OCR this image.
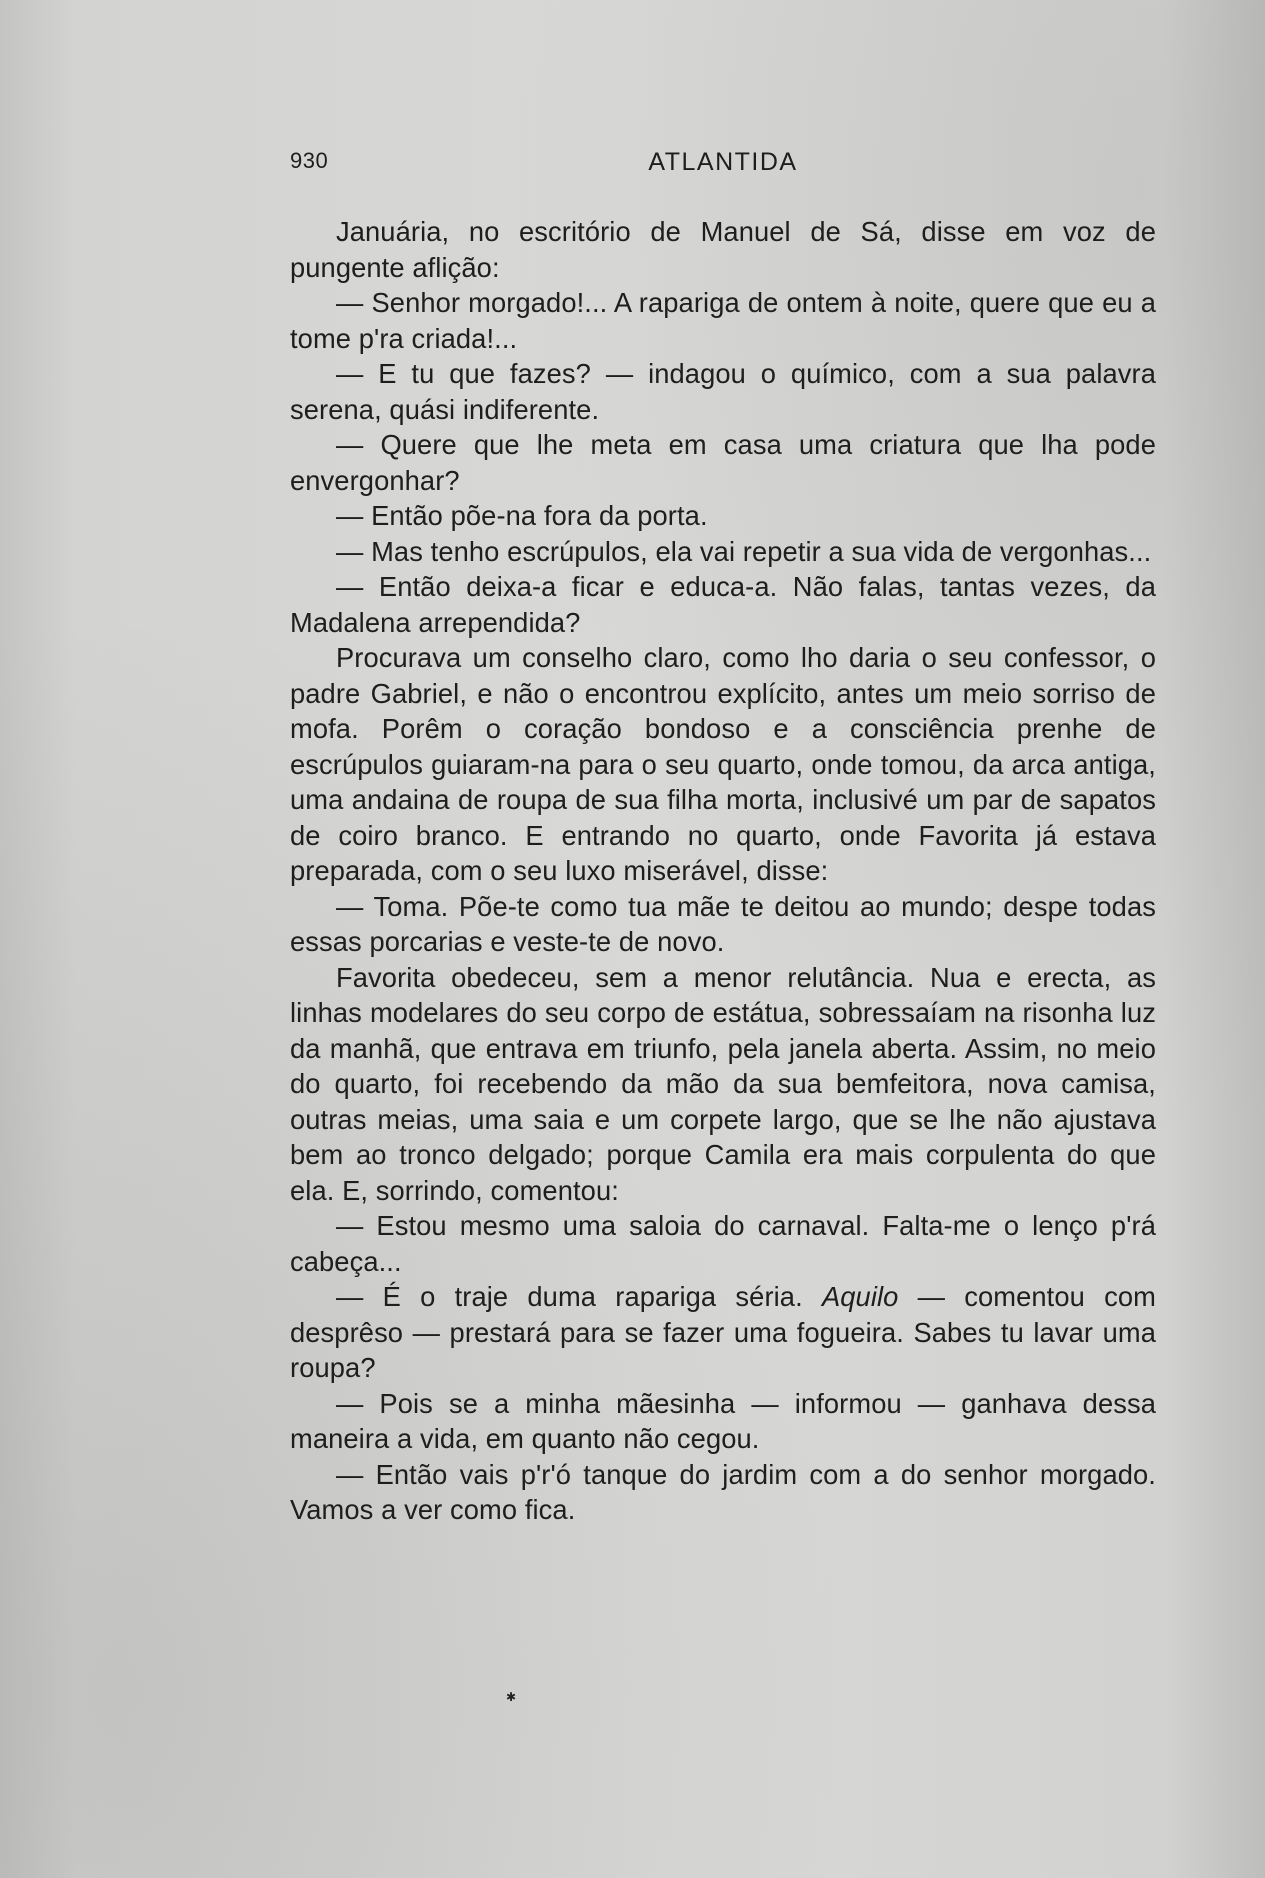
930	ATLANTIDA

Januária, no escritório de Manuel de Sá, disse em voz de pungente aflição:

— Senhor morgado!... A rapariga de ontem à noite, quere que eu a tome p'ra criada!...

— E tu que fazes? — indagou o químico, com a sua palavra serena, quási indiferente.

— Quere que lhe meta em casa uma criatura que lha pode envergonhar?

— Então põe-na fora da porta.

— Mas tenho escrúpulos, ela vai repetir a sua vida de vergonhas...

— Então deixa-a ficar e educa-a. Não falas, tantas vezes, da Madalena arrependida?

Procurava um conselho claro, como lho daria o seu confessor, o padre Gabriel, e não o encontrou explícito, antes um meio sorriso de mofa. Porêm o coração bondoso e a consciência prenhe de escrúpulos guiaram-na para o seu quarto, onde tomou, da arca antiga, uma andaina de roupa de sua filha morta, inclusivé um par de sapatos de coiro branco. E entrando no quarto, onde Favorita já estava preparada, com o seu luxo miserável, disse:

— Toma. Põe-te como tua mãe te deitou ao mundo; despe todas essas porcarias e veste-te de novo.

Favorita obedeceu, sem a menor relutância. Nua e erecta, as linhas modelares do seu corpo de estátua, sobressaíam na risonha luz da manhã, que entrava em triunfo, pela janela aberta. Assim, no meio do quarto, foi recebendo da mão da sua bemfeitora, nova camisa, outras meias, uma saia e um corpete largo, que se lhe não ajustava bem ao tronco delgado; porque Camila era mais corpulenta do que ela. E, sorrindo, comentou:

— Estou mesmo uma saloia do carnaval. Falta-me o lenço p'rá cabeça...

— É o traje duma rapariga séria. Aquilo — comentou com desprêso — prestará para se fazer uma fogueira. Sabes tu lavar uma roupa?

— Pois se a minha mãesinha — informou — ganhava dessa maneira a vida, em quanto não cegou.

— Então vais p'r'ó tanque do jardim com a do senhor morgado. Vamos a ver como fica.

✱
